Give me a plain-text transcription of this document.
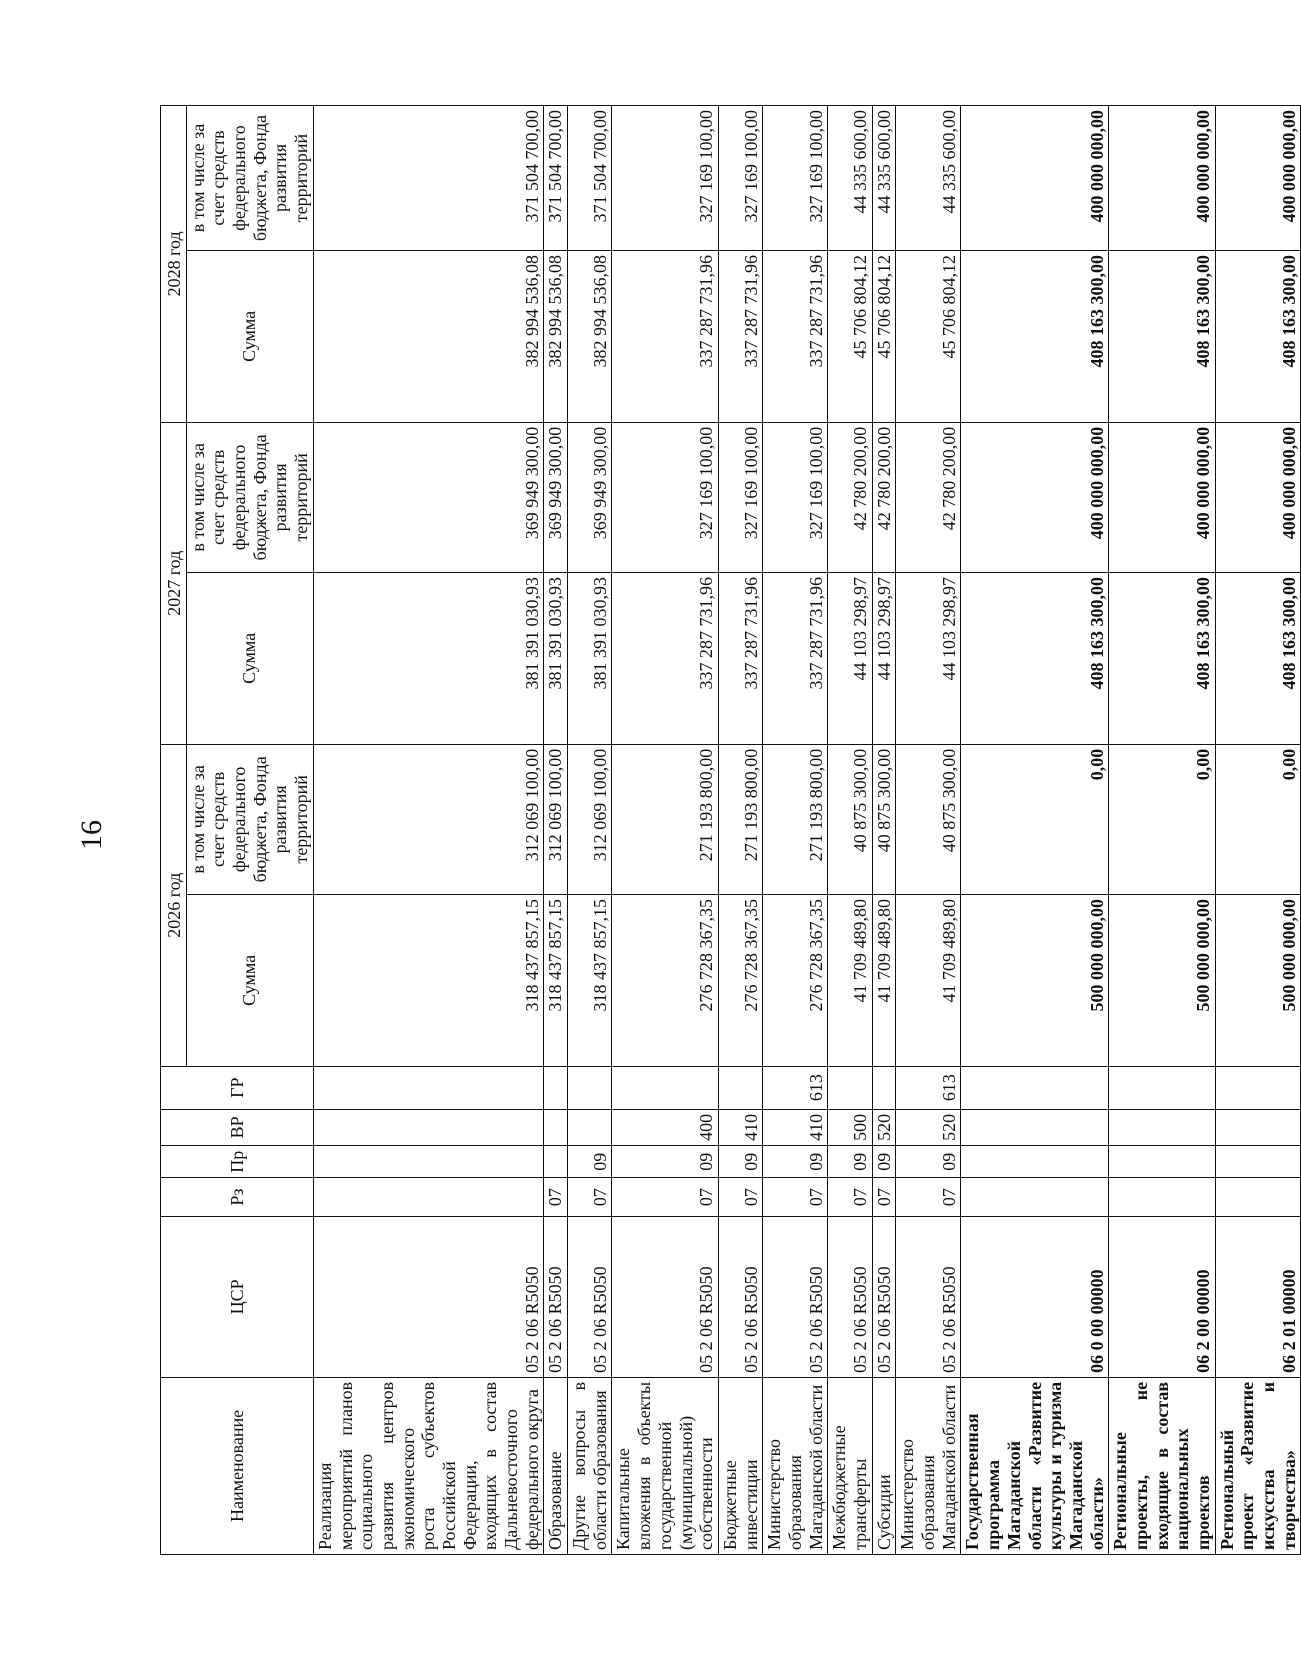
16
Наименование	ЦСР	Рз	Пр	ВР	ГР	2026 год		2027 год		2028 год	
						Сумма	в том числе за счет средств федерального бюджета, Фонда развития территорий	Сумма	в том числе за счет средств федерального бюджета, Фонда развития территорий	Сумма	в том числе за счет средств федерального бюджета, Фонда развития территорий
Реализация мероприятий планов социального развития центров экономического роста субъектов Российской Федерации, входящих в состав Дальневосточного федерального округа	05 2 06 R5050					318 437 857,15	312 069 100,00	381 391 030,93	369 949 300,00	382 994 536,08	371 504 700,00
Образование	05 2 06 R5050	07				318 437 857,15	312 069 100,00	381 391 030,93	369 949 300,00	382 994 536,08	371 504 700,00
Другие вопросы в области образования	05 2 06 R5050	07	09			318 437 857,15	312 069 100,00	381 391 030,93	369 949 300,00	382 994 536,08	371 504 700,00
Капитальные вложения в объекты государственной (муниципальной) собственности	05 2 06 R5050	07	09	400		276 728 367,35	271 193 800,00	337 287 731,96	327 169 100,00	337 287 731,96	327 169 100,00
Бюджетные инвестиции	05 2 06 R5050	07	09	410		276 728 367,35	271 193 800,00	337 287 731,96	327 169 100,00	337 287 731,96	327 169 100,00
Министерство образования Магаданской области	05 2 06 R5050	07	09	410	613	276 728 367,35	271 193 800,00	337 287 731,96	327 169 100,00	337 287 731,96	327 169 100,00
Межбюджетные трансферты	05 2 06 R5050	07	09	500		41 709 489,80	40 875 300,00	44 103 298,97	42 780 200,00	45 706 804,12	44 335 600,00
Субсидии	05 2 06 R5050	07	09	520		41 709 489,80	40 875 300,00	44 103 298,97	42 780 200,00	45 706 804,12	44 335 600,00
Министерство образования Магаданской области	05 2 06 R5050	07	09	520	613	41 709 489,80	40 875 300,00	44 103 298,97	42 780 200,00	45 706 804,12	44 335 600,00
Государственная программа Магаданской области «Развитие культуры и туризма Магаданской области»	06 0 00 00000					500 000 000,00	0,00	408 163 300,00	400 000 000,00	408 163 300,00	400 000 000,00
Региональные проекты, не входящие в состав национальных проектов	06 2 00 00000					500 000 000,00	0,00	408 163 300,00	400 000 000,00	408 163 300,00	400 000 000,00
Региональный проект «Развитие искусства и творчества»	06 2 01 00000					500 000 000,00	0,00	408 163 300,00	400 000 000,00	408 163 300,00	400 000 000,00
